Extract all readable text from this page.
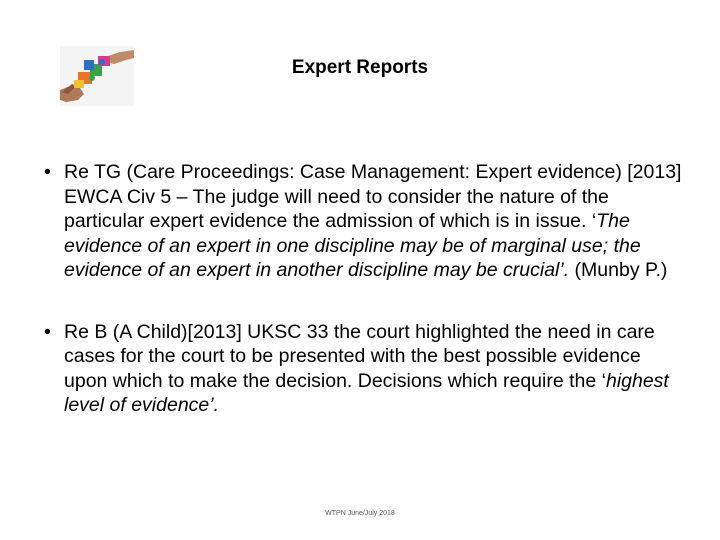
Expert Reports
• Re TG (Care Proceedings: Case Management: Expert evidence) [2013] EWCA Civ 5 – The judge will need to consider the nature of the particular expert evidence the admission of which is in issue. ‘The evidence of an expert in one discipline may be of marginal use; the evidence of an expert in another discipline may be crucial’. (Munby P.)
• Re B (A Child)[2013] UKSC 33 the court highlighted the need in care cases for the court to be presented with the best possible evidence upon which to make the decision. Decisions which require the ‘highest level of evidence’.
WTPN June/July 2018
